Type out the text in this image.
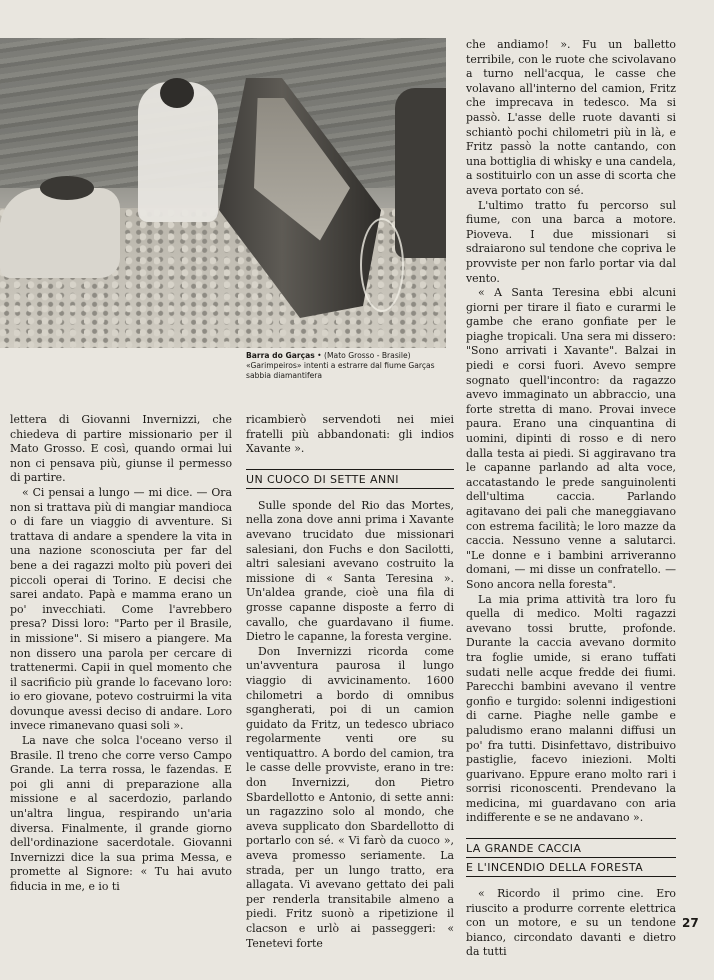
Barra do Garças • (Mato Grosso - Brasile) «Garimpeiros» intenti a estrarre dal fiume Garças sabbia diamantifera

lettera di Giovanni Invernizzi, che chiedeva di partire missionario per il Mato Grosso. E così, quando ormai lui non ci pensava più, giunse il permesso di partire.

« Ci pensai a lungo — mi dice. — Ora non si trattava più di mangiar mandioca o di fare un viaggio di avventure. Si trattava di andare a spendere la vita in una nazione sconosciuta per far del bene a dei ragazzi molto più poveri dei piccoli operai di Torino. E decisi che sarei andato. Papà e mamma erano un po' invecchiati. Come l'avrebbero presa? Dissi loro: "Parto per il Brasile, in missione". Si misero a piangere. Ma non dissero una parola per cercare di trattenermi. Capii in quel momento che il sacrificio più grande lo facevano loro: io ero giovane, potevo costruirmi la vita dovunque avessi deciso di andare. Loro invece rimanevano quasi soli ».

La nave che solca l'oceano verso il Brasile. Il treno che corre verso Campo Grande. La terra rossa, le fazendas. E poi gli anni di preparazione alla missione e al sacerdozio, parlando un'altra lingua, respirando un'aria diversa. Finalmente, il grande giorno dell'ordinazione sacerdotale. Giovanni Invernizzi dice la sua prima Messa, e promette al Signore: « Tu hai avuto fiducia in me, e io ti

ricambierò servendoti nei miei fratelli più abbandonati: gli indios Xavante ».

UN CUOCO DI SETTE ANNI

Sulle sponde del Rio das Mortes, nella zona dove anni prima i Xavante avevano trucidato due missionari salesiani, don Fuchs e don Sacilotti, altri salesiani avevano costruito la missione di « Santa Teresina ». Un'aldea grande, cioè una fila di grosse capanne disposte a ferro di cavallo, che guardavano il fiume. Dietro le capanne, la foresta vergine.

Don Invernizzi ricorda come un'avventura paurosa il lungo viaggio di avvicinamento. 1600 chilometri a bordo di omnibus sgangherati, poi di un camion guidato da Fritz, un tedesco ubriaco regolarmente venti ore su ventiquattro. A bordo del camion, tra le casse delle provviste, erano in tre: don Invernizzi, don Pietro Sbardellotto e Antonio, di sette anni: un ragazzino solo al mondo, che aveva supplicato don Sbardellotto di portarlo con sé. « Vi farò da cuoco », aveva promesso seriamente. La strada, per un lungo tratto, era allagata. Vi avevano gettato dei pali per renderla transitabile almeno a piedi. Fritz suonò a ripetizione il clacson e urlò ai passeggeri: « Tenetevi forte

che andiamo! ». Fu un balletto terribile, con le ruote che scivolavano a turno nell'acqua, le casse che volavano all'interno del camion, Fritz che imprecava in tedesco. Ma si passò. L'asse delle ruote davanti si schiantò pochi chilometri più in là, e Fritz passò la notte cantando, con una bottiglia di whisky e una candela, a sostituirlo con un asse di scorta che aveva portato con sé.

L'ultimo tratto fu percorso sul fiume, con una barca a motore. Pioveva. I due missionari si sdraiarono sul tendone che copriva le provviste per non farlo portar via dal vento.

« A Santa Teresina ebbi alcuni giorni per tirare il fiato e curarmi le gambe che erano gonfiate per le piaghe tropicali. Una sera mi dissero: "Sono arrivati i Xavante". Balzai in piedi e corsi fuori. Avevo sempre sognato quell'incontro: da ragazzo avevo immaginato un abbraccio, una forte stretta di mano. Provai invece paura. Erano una cinquantina di uomini, dipinti di rosso e di nero dalla testa ai piedi. Si aggiravano tra le capanne parlando ad alta voce, accatastando le prede sanguinolenti dell'ultima caccia. Parlando agitavano dei pali che maneggiavano con estrema facilità; le loro mazze da caccia. Nessuno venne a salutarci. "Le donne e i bambini arriveranno domani, — mi disse un confratello. — Sono ancora nella foresta".

La mia prima attività tra loro fu quella di medico. Molti ragazzi avevano tossi brutte, profonde. Durante la caccia avevano dormito tra foglie umide, si erano tuffati sudati nelle acque fredde dei fiumi. Parecchi bambini avevano il ventre gonfio e turgido: solenni indigestioni di carne. Piaghe nelle gambe e paludismo erano malanni diffusi un po' fra tutti. Disinfettavo, distribuivo pastiglie, facevo iniezioni. Molti guarivano. Eppure erano molto rari i sorrisi riconoscenti. Prendevano la medicina, mi guardavano con aria indifferente e se ne andavano ».

LA GRANDE CACCIA
E L'INCENDIO DELLA FORESTA

« Ricordo il primo cine. Ero riuscito a produrre corrente elettrica con un motore, e su un tendone bianco, circondato davanti e dietro da tutti

27
